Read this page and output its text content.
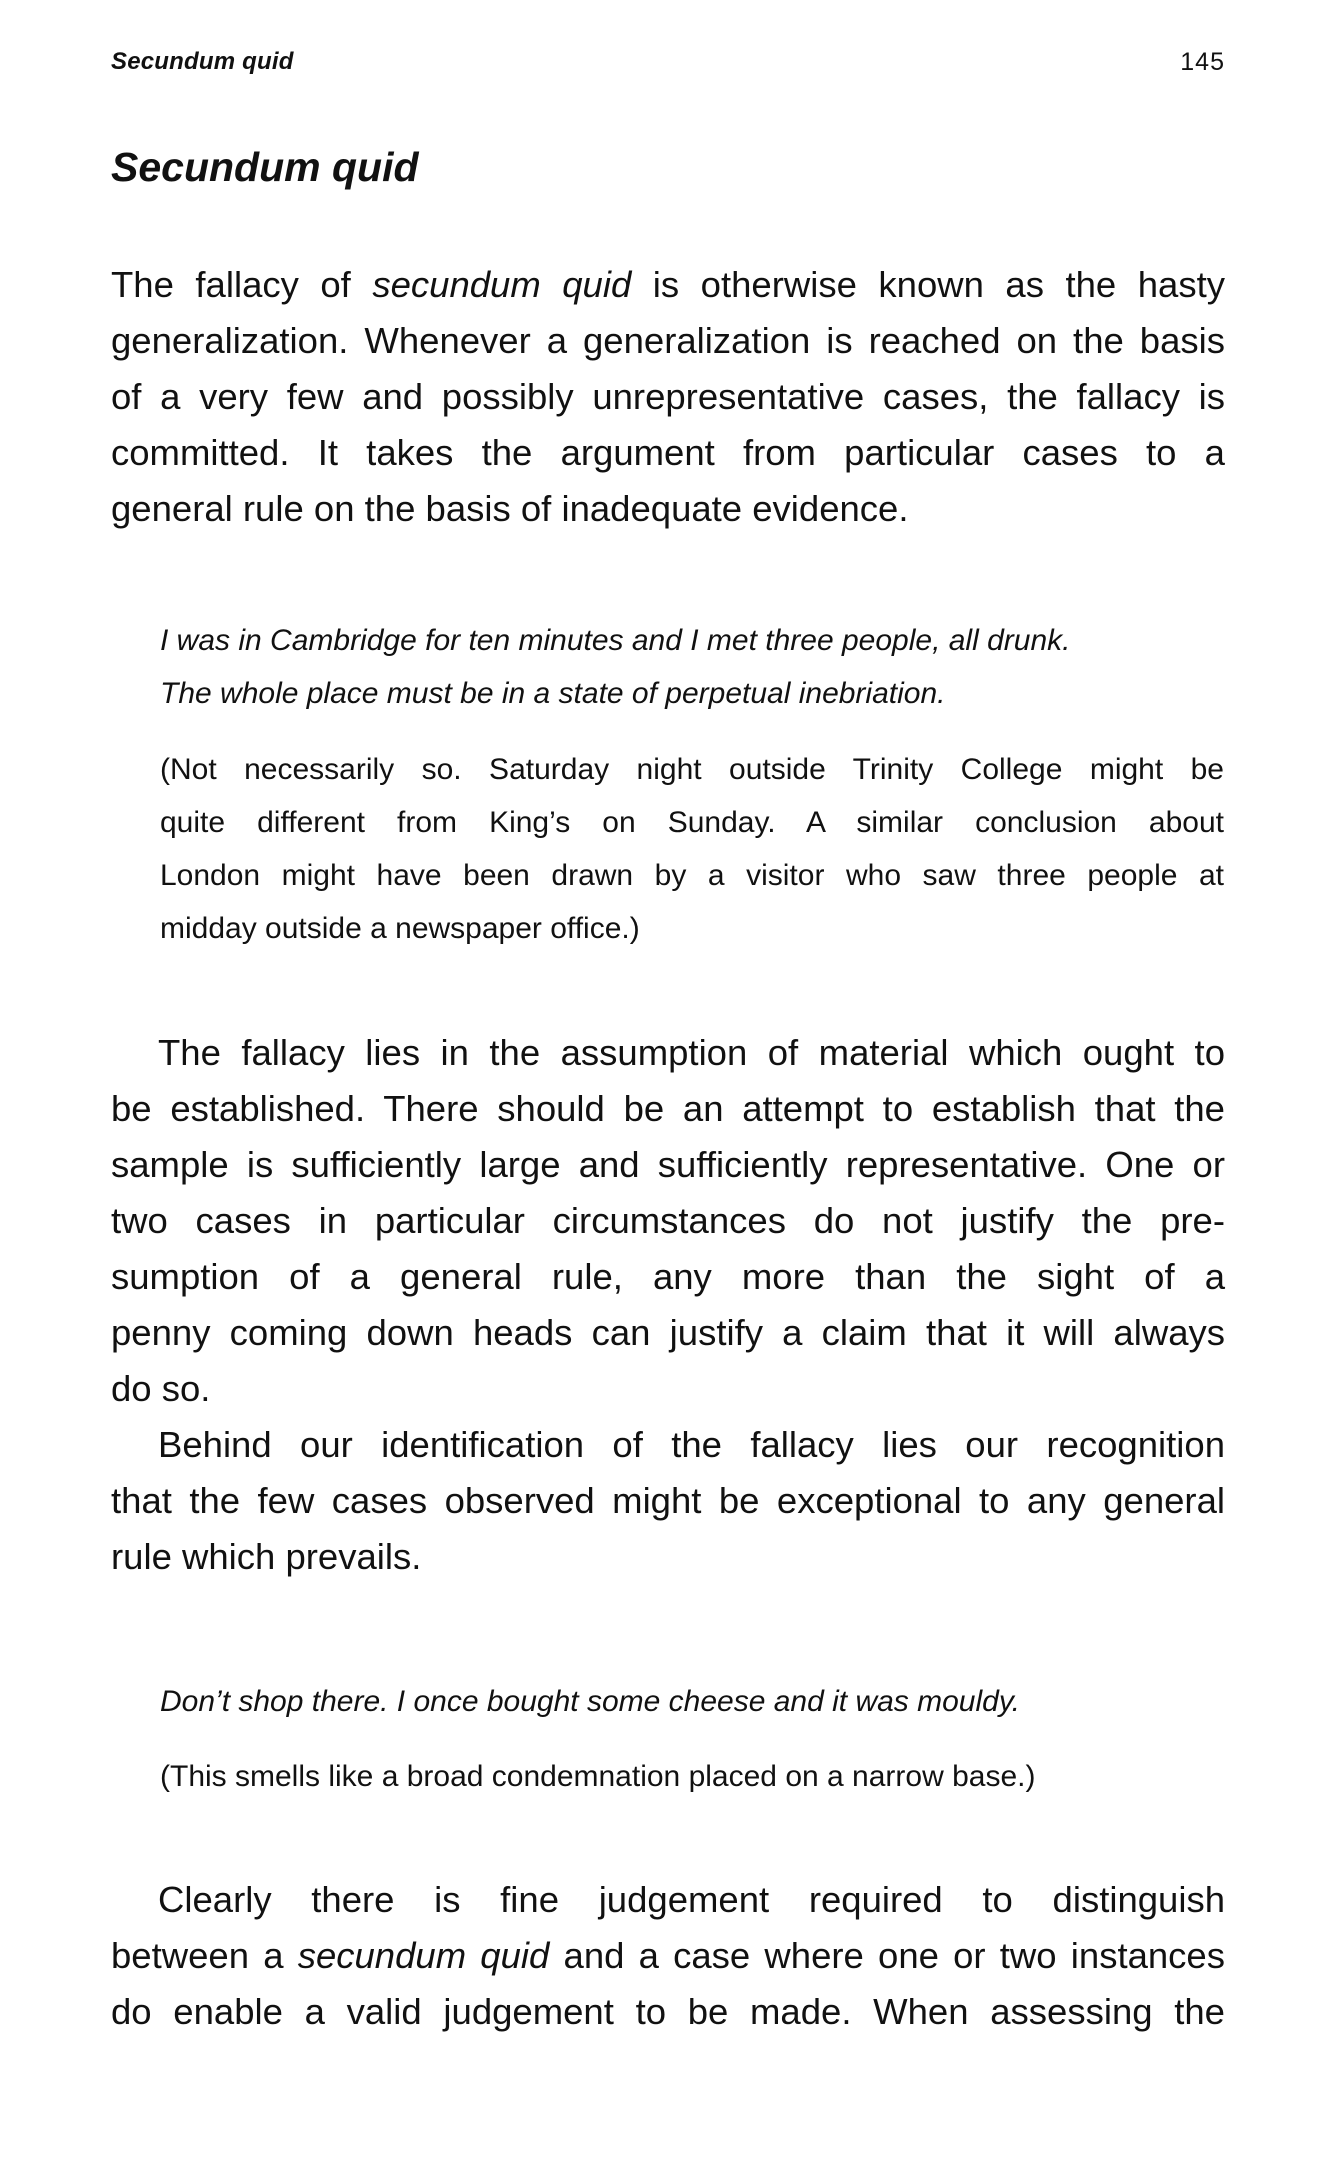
Secundum quid	145
Secundum quid
The fallacy of secundum quid is otherwise known as the hasty
generalization. Whenever a generalization is reached on the basis
of a very few and possibly unrepresentative cases, the fallacy is
committed. It takes the argument from particular cases to a
general rule on the basis of inadequate evidence.
I was in Cambridge for ten minutes and I met three people, all drunk.
The whole place must be in a state of perpetual inebriation.
(Not necessarily so. Saturday night outside Trinity College might be
quite different from King’s on Sunday. A similar conclusion about
London might have been drawn by a visitor who saw three people at
midday outside a newspaper office.)
The fallacy lies in the assumption of material which ought to
be established. There should be an attempt to establish that the
sample is sufficiently large and sufficiently representative. One or
two cases in particular circumstances do not justify the pre-
sumption of a general rule, any more than the sight of a
penny coming down heads can justify a claim that it will always
do so.
Behind our identification of the fallacy lies our recognition
that the few cases observed might be exceptional to any general
rule which prevails.
Don’t shop there. I once bought some cheese and it was mouldy.
(This smells like a broad condemnation placed on a narrow base.)
Clearly there is fine judgement required to distinguish
between a secundum quid and a case where one or two instances
do enable a valid judgement to be made. When assessing the
